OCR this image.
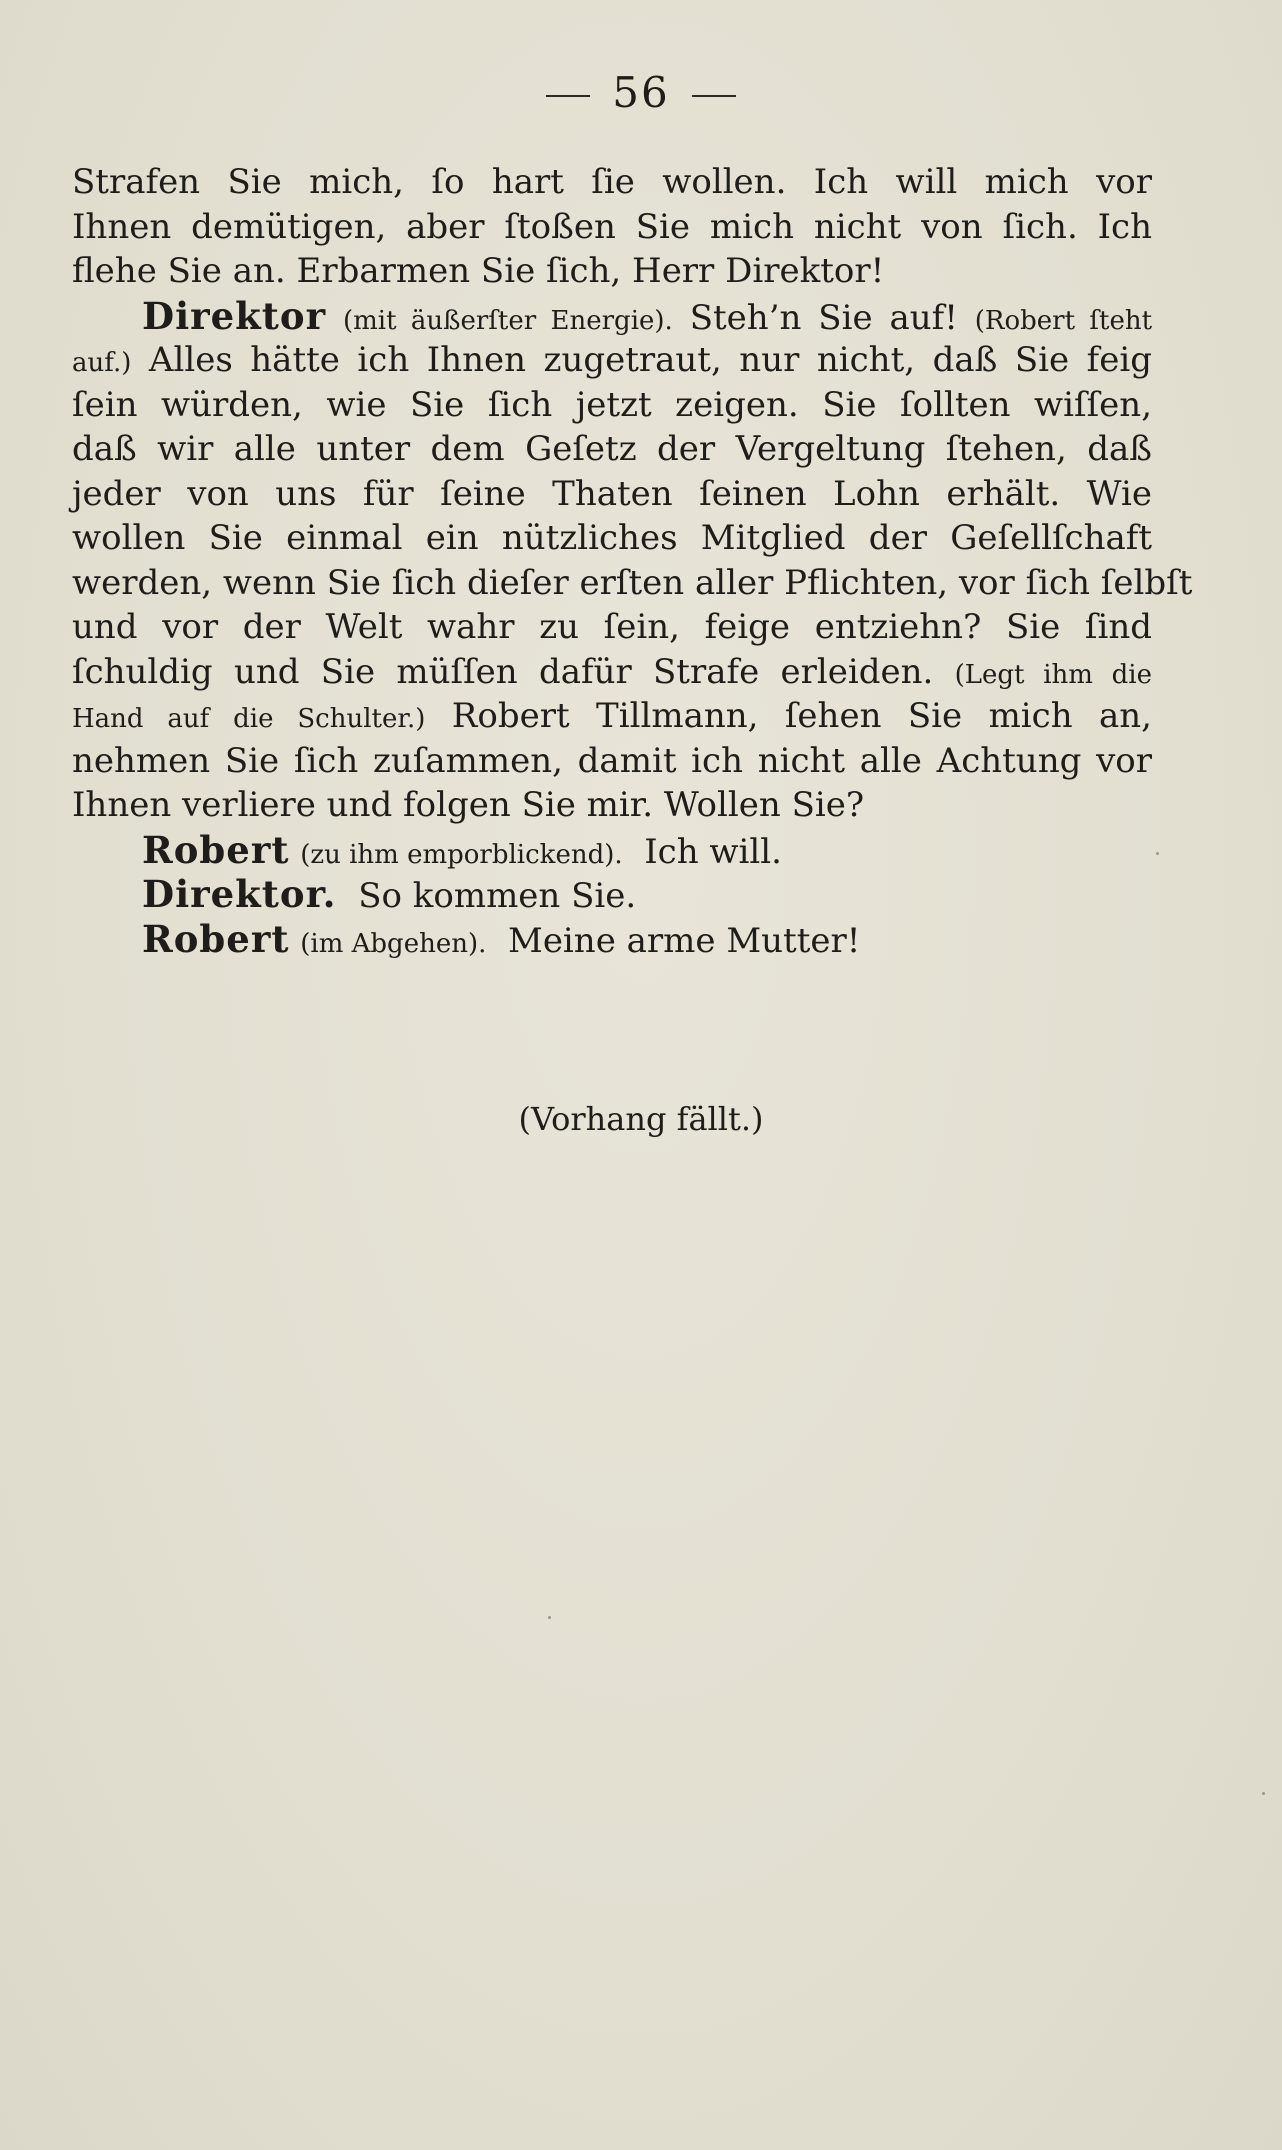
56
Strafen Sie mich, ſo hart ſie wollen. Ich will mich vor
Ihnen demütigen, aber ſtoßen Sie mich nicht von ſich. Ich
flehe Sie an. Erbarmen Sie ſich, Herr Direktor!
Direktor (mit äußerſter Energie). Steh’n Sie auf! (Robert ſteht
auf.) Alles hätte ich Ihnen zugetraut, nur nicht, daß Sie feig
ſein würden, wie Sie ſich jetzt zeigen. Sie ſollten wiſſen,
daß wir alle unter dem Geſetz der Vergeltung ſtehen, daß
jeder von uns für ſeine Thaten ſeinen Lohn erhält. Wie
wollen Sie einmal ein nützliches Mitglied der Geſellſchaft
werden, wenn Sie ſich dieſer erſten aller Pflichten, vor ſich ſelbſt
und vor der Welt wahr zu ſein, feige entziehn? Sie ſind
ſchuldig und Sie müſſen dafür Strafe erleiden. (Legt ihm die
Hand auf die Schulter.) Robert Tillmann, ſehen Sie mich an,
nehmen Sie ſich zuſammen, damit ich nicht alle Achtung vor
Ihnen verliere und folgen Sie mir. Wollen Sie?
Robert (zu ihm emporblickend). Ich will.
Direktor. So kommen Sie.
Robert (im Abgehen). Meine arme Mutter!
(Vorhang fällt.)
